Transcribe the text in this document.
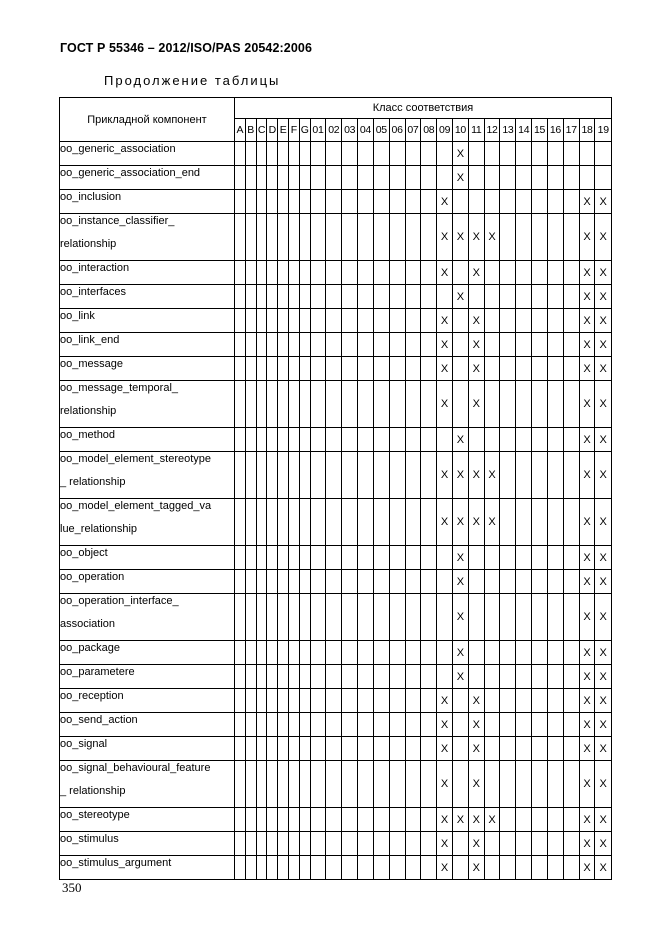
ГОСТ Р 55346 – 2012/ISO/PAS 20542:2006
Продолжение таблицы
Прикладной компонент	Класс соответствия																									
	A	B	C	D	E	F	G	01	02	03	04	05	06	07	08	09	10	11	12	13	14	15	16	17	18	19

oo_generic_association																	X									

oo_generic_association_end																	X									

oo_inclusion																X									X	X

oo_instance_classifier_
relationship																X	X	X	X						X	X

oo_interaction																X		X							X	X

oo_interfaces																	X								X	X

oo_link																X		X							X	X

oo_link_end																X		X							X	X

oo_message																X		X							X	X

oo_message_temporal_
relationship																X		X							X	X

oo_method																	X								X	X

oo_model_element_stereotype
_ relationship																X	X	X	X						X	X

oo_model_element_tagged_va
lue_relationship																X	X	X	X						X	X

oo_object																	X								X	X

oo_operation																	X								X	X

oo_operation_interface_
association																	X								X	X

oo_package																	X								X	X

oo_parametere																	X								X	X

oo_reception																X		X							X	X

oo_send_action																X		X							X	X

oo_signal																X		X							X	X

oo_signal_behavioural_feature
_ relationship																X		X							X	X

oo_stereotype																X	X	X	X						X	X

oo_stimulus																X		X							X	X

oo_stimulus_argument																X		X							X	X
350
